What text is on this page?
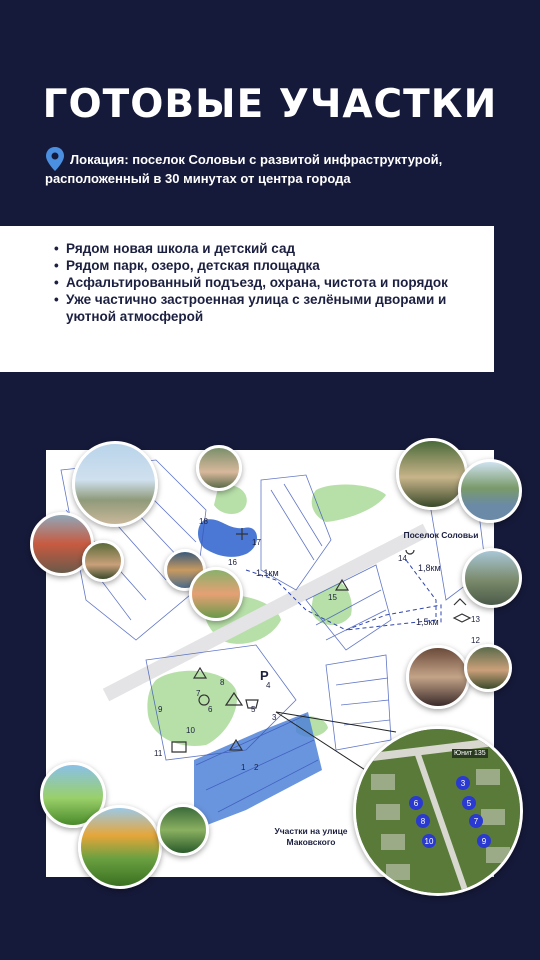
ГОТОВЫЕ УЧАСТКИ
Локация: поселок Соловьи с развитой инфраструктурой,
расположенный в 30 минутах от центра города
• Рядом новая школа и детский сад
• Рядом парк, озеро, детская площадка
• Асфальтированный подъезд, охрана, чистота и порядок
• Уже частично застроенная улица с зелёными дворами и уютной атмосферой
18
17
16
15
14
13
12
8
7
9
10
6	5
4
3
2
1
11
P
1,1км	1,8км
1,5км
Поселок Соловьи
Участки на улице
Маковского
3
5
6
7
8
9
10
Юнит 135
